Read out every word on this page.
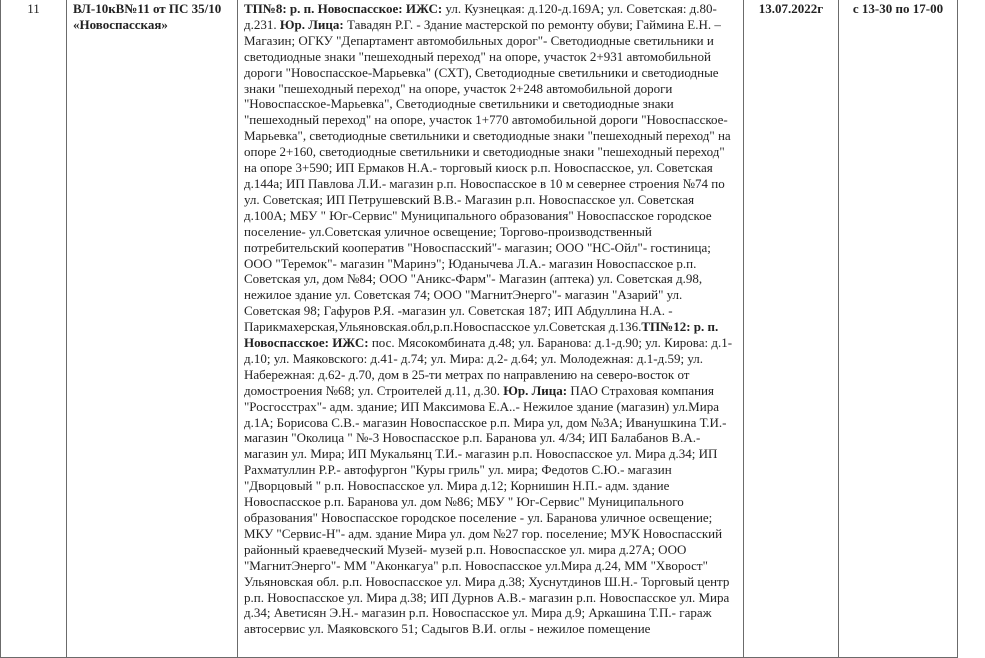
11	ВЛ-10кВ№11 от ПС 35/10 «Новоспасская»	ТП№8: р. п. Новоспасское: ИЖС: ул. Кузнецкая: д.120-д.169А; ул. Советская: д.80-д.231. Юр. Лица: Тавадян Р.Г. - Здание мастерской по ремонту обуви; Гаймина Е.Н. – Магазин; ОГКУ "Департамент автомобильных дорог"- Светодиодные светильники и светодиодные знаки "пешеходный переход" на опоре, участок 2+931 автомобильной дороги "Новоспасское-Марьевка" (СХТ), Светодиодные светильники и светодиодные знаки "пешеходный переход" на опоре, участок 2+248 автомобильной дороги "Новоспасское-Марьевка", Светодиодные светильники и светодиодные знаки "пешеходный переход" на опоре, участок 1+770 автомобильной дороги "Новоспасское-Марьевка", светодиодные светильники и светодиодные знаки "пешеходный переход" на опоре 2+160, светодиодные светильники и светодиодные знаки "пешеходный переход" на опоре 3+590; ИП Ермаков Н.А.- торговый киоск р.п. Новоспасское, ул. Советская д.144а; ИП Павлова Л.И.- магазин р.п. Новоспасское в 10 м севернее строения №74 по ул. Советская; ИП Петрушевский В.В.- Магазин р.п. Новоспасское ул. Советская д.100А; МБУ " Юг-Сервис" Муниципального образования" Новоспасское городское поселение- ул.Советская уличное освещение; Торгово-производственный потребительский кооператив "Новоспасский"- магазин; ООО "НС-Ойл"- гостиница; ООО "Теремок"- магазин "Маринэ"; Юданычева Л.А.- магазин Новоспасское р.п. Советская ул, дом №84; ООО "Аникс-Фарм"- Магазин (аптека) ул. Советская д.98, нежилое здание ул. Советская 74; ООО "МагнитЭнерго"- магазин "Азарий" ул. Советская 98; Гафуров Р.Я. -магазин ул. Советская 187; ИП Абдуллина Н.А. - Парикмахерская,Ульяновская.обл,р.п.Новоспасское ул.Советская д.136.ТП№12: р. п. Новоспасское: ИЖС: пос. Мясокомбината д.48; ул. Баранова: д.1-д.90; ул. Кирова: д.1- д.10; ул. Маяковского: д.41- д.74; ул. Мира: д.2- д.64; ул. Молодежная: д.1-д.59; ул. Набережная: д.62- д.70, дом в 25-ти метрах по направлению на северо-восток от домостроения №68; ул. Строителей д.11, д.30. Юр. Лица: ПАО Страховая компания "Росгосстрах"- адм. здание; ИП Максимова Е.А..- Нежилое здание (магазин) ул.Мира д.1А; Борисова С.В.- магазин Новоспасское р.п. Мира ул, дом №3А; Иванушкина Т.И.- магазин "Околица " №-3 Новоспасское р.п. Баранова ул. 4/34; ИП Балабанов В.А.- магазин ул. Мира; ИП Мукальянц Т.И.- магазин р.п. Новоспасское ул. Мира д.34; ИП Рахматуллин Р.Р.- автофургон "Куры гриль" ул. мира; Федотов С.Ю.- магазин "Дворцовый " р.п. Новоспасское ул. Мира д.12; Корнишин Н.П.- адм. здание Новоспасское р.п. Баранова ул. дом №86; МБУ " Юг-Сервис" Муниципального образования" Новоспасское городское поселение - ул. Баранова уличное освещение; МКУ "Сервис-Н"- адм. здание Мира ул. дом №27 гор. поселение; МУК Новоспасский районный краеведческий Музей- музей р.п. Новоспасское ул. мира д.27А; ООО "МагнитЭнерго"- ММ "Аконкагуа" р.п. Новоспасское ул.Мира д.24, ММ "Хворост" Ульяновская обл. р.п. Новоспасское ул. Мира д.38; Хуснутдинов Ш.Н.- Торговый центр р.п. Новоспасское ул. Мира д.38; ИП Дурнов А.В.- магазин р.п. Новоспасское ул. Мира д.34; Аветисян Э.Н.- магазин р.п. Новоспасское ул. Мира д.9; Аркашина Т.П.- гараж автосервис ул. Маяковского 51; Садыгов В.И. оглы - нежилое помещение	13.07.2022г	с 13-30 по 17-00	
